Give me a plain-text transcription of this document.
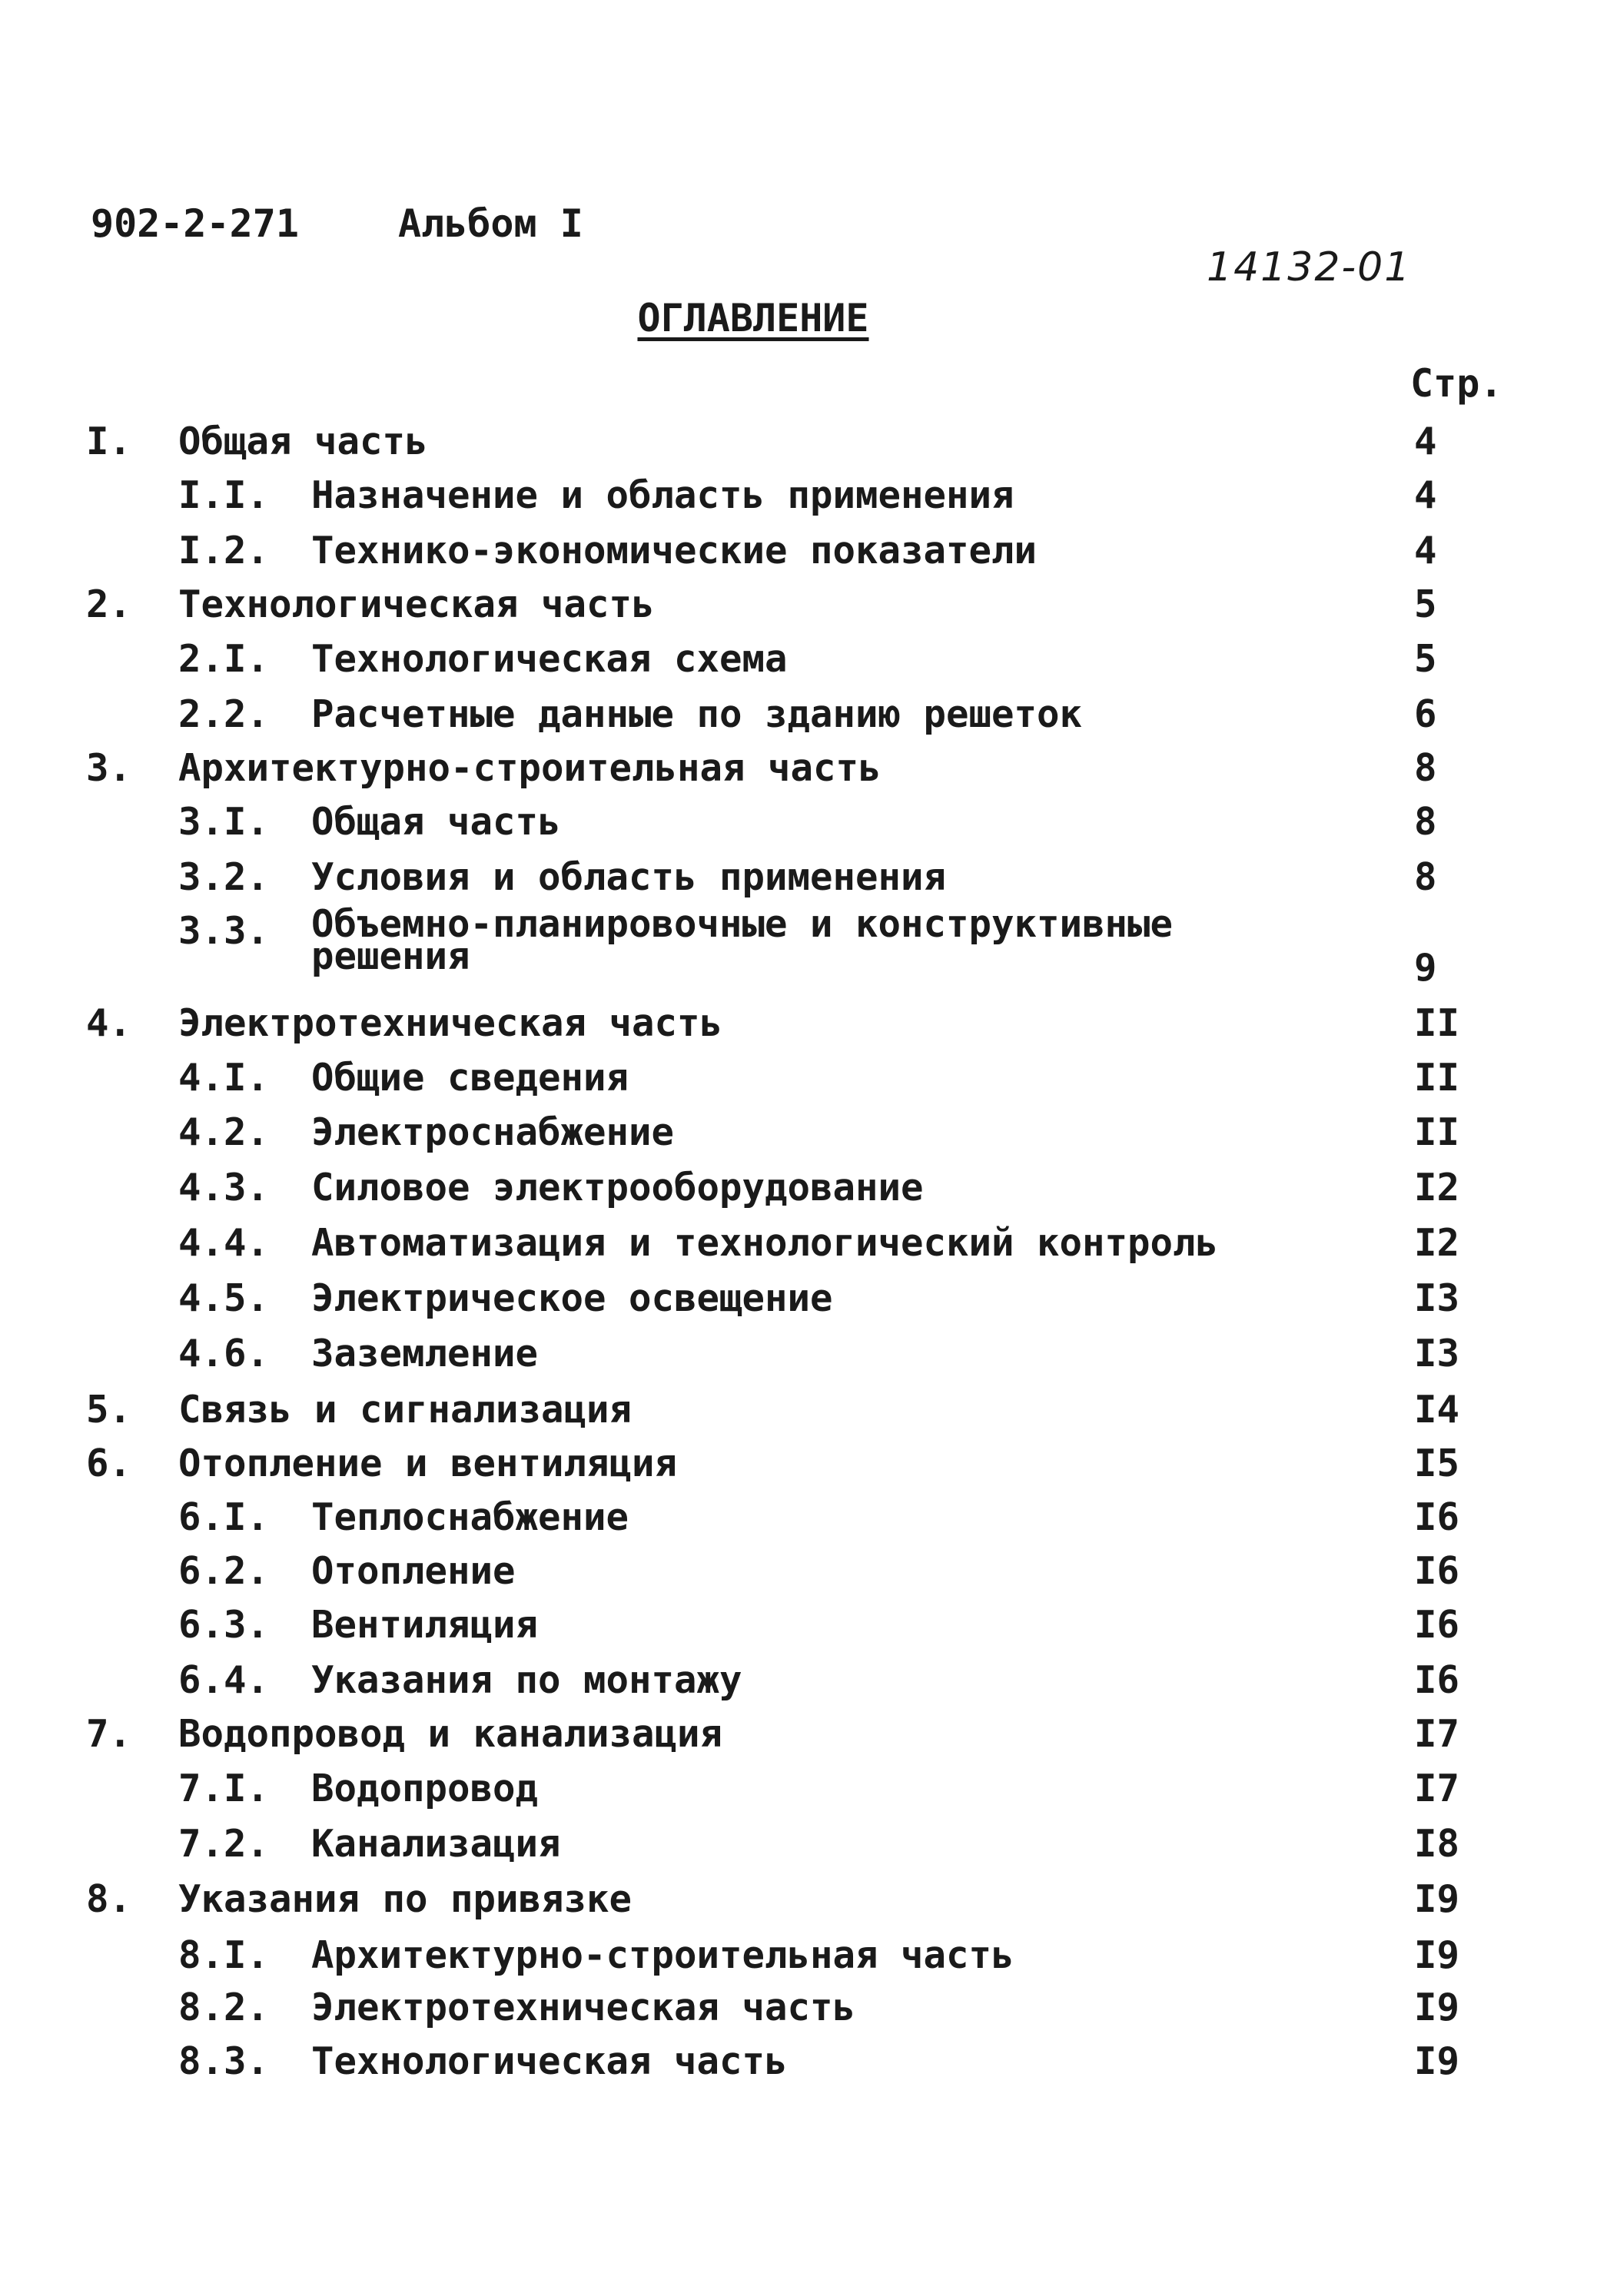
902-2-271	Альбом I
14132-01
ОГЛАВЛЕНИЕ
Стр.
I. Общая часть	4
I.I. Назначение и область применения	4
I.2. Технико-экономические показатели	4
2. Технологическая часть	5
2.I. Технологическая схема	5
2.2. Расчетные данные по зданию решеток	6
3. Архитектурно-строительная часть	8
3.I. Общая часть	8
3.2. Условия и область применения	8
3.3. Объемно-планировочные и конструктивные решения	9
4. Электротехническая часть	II
4.I. Общие сведения	II
4.2. Электроснабжение	II
4.3. Силовое электрооборудование	I2
4.4. Автоматизация и технологический контроль	I2
4.5. Электрическое освещение	I3
4.6. Заземление	I3
5. Связь и сигнализация	I4
6. Отопление и вентиляция	I5
6.I. Теплоснабжение	I6
6.2. Отопление	I6
6.3. Вентиляция	I6
6.4. Указания по монтажу	I6
7. Водопровод и канализация	I7
7.I. Водопровод	I7
7.2. Канализация	I8
8. Указания по привязке	I9
8.I. Архитектурно-строительная часть	I9
8.2. Электротехническая часть	I9
8.3. Технологическая часть	I9
